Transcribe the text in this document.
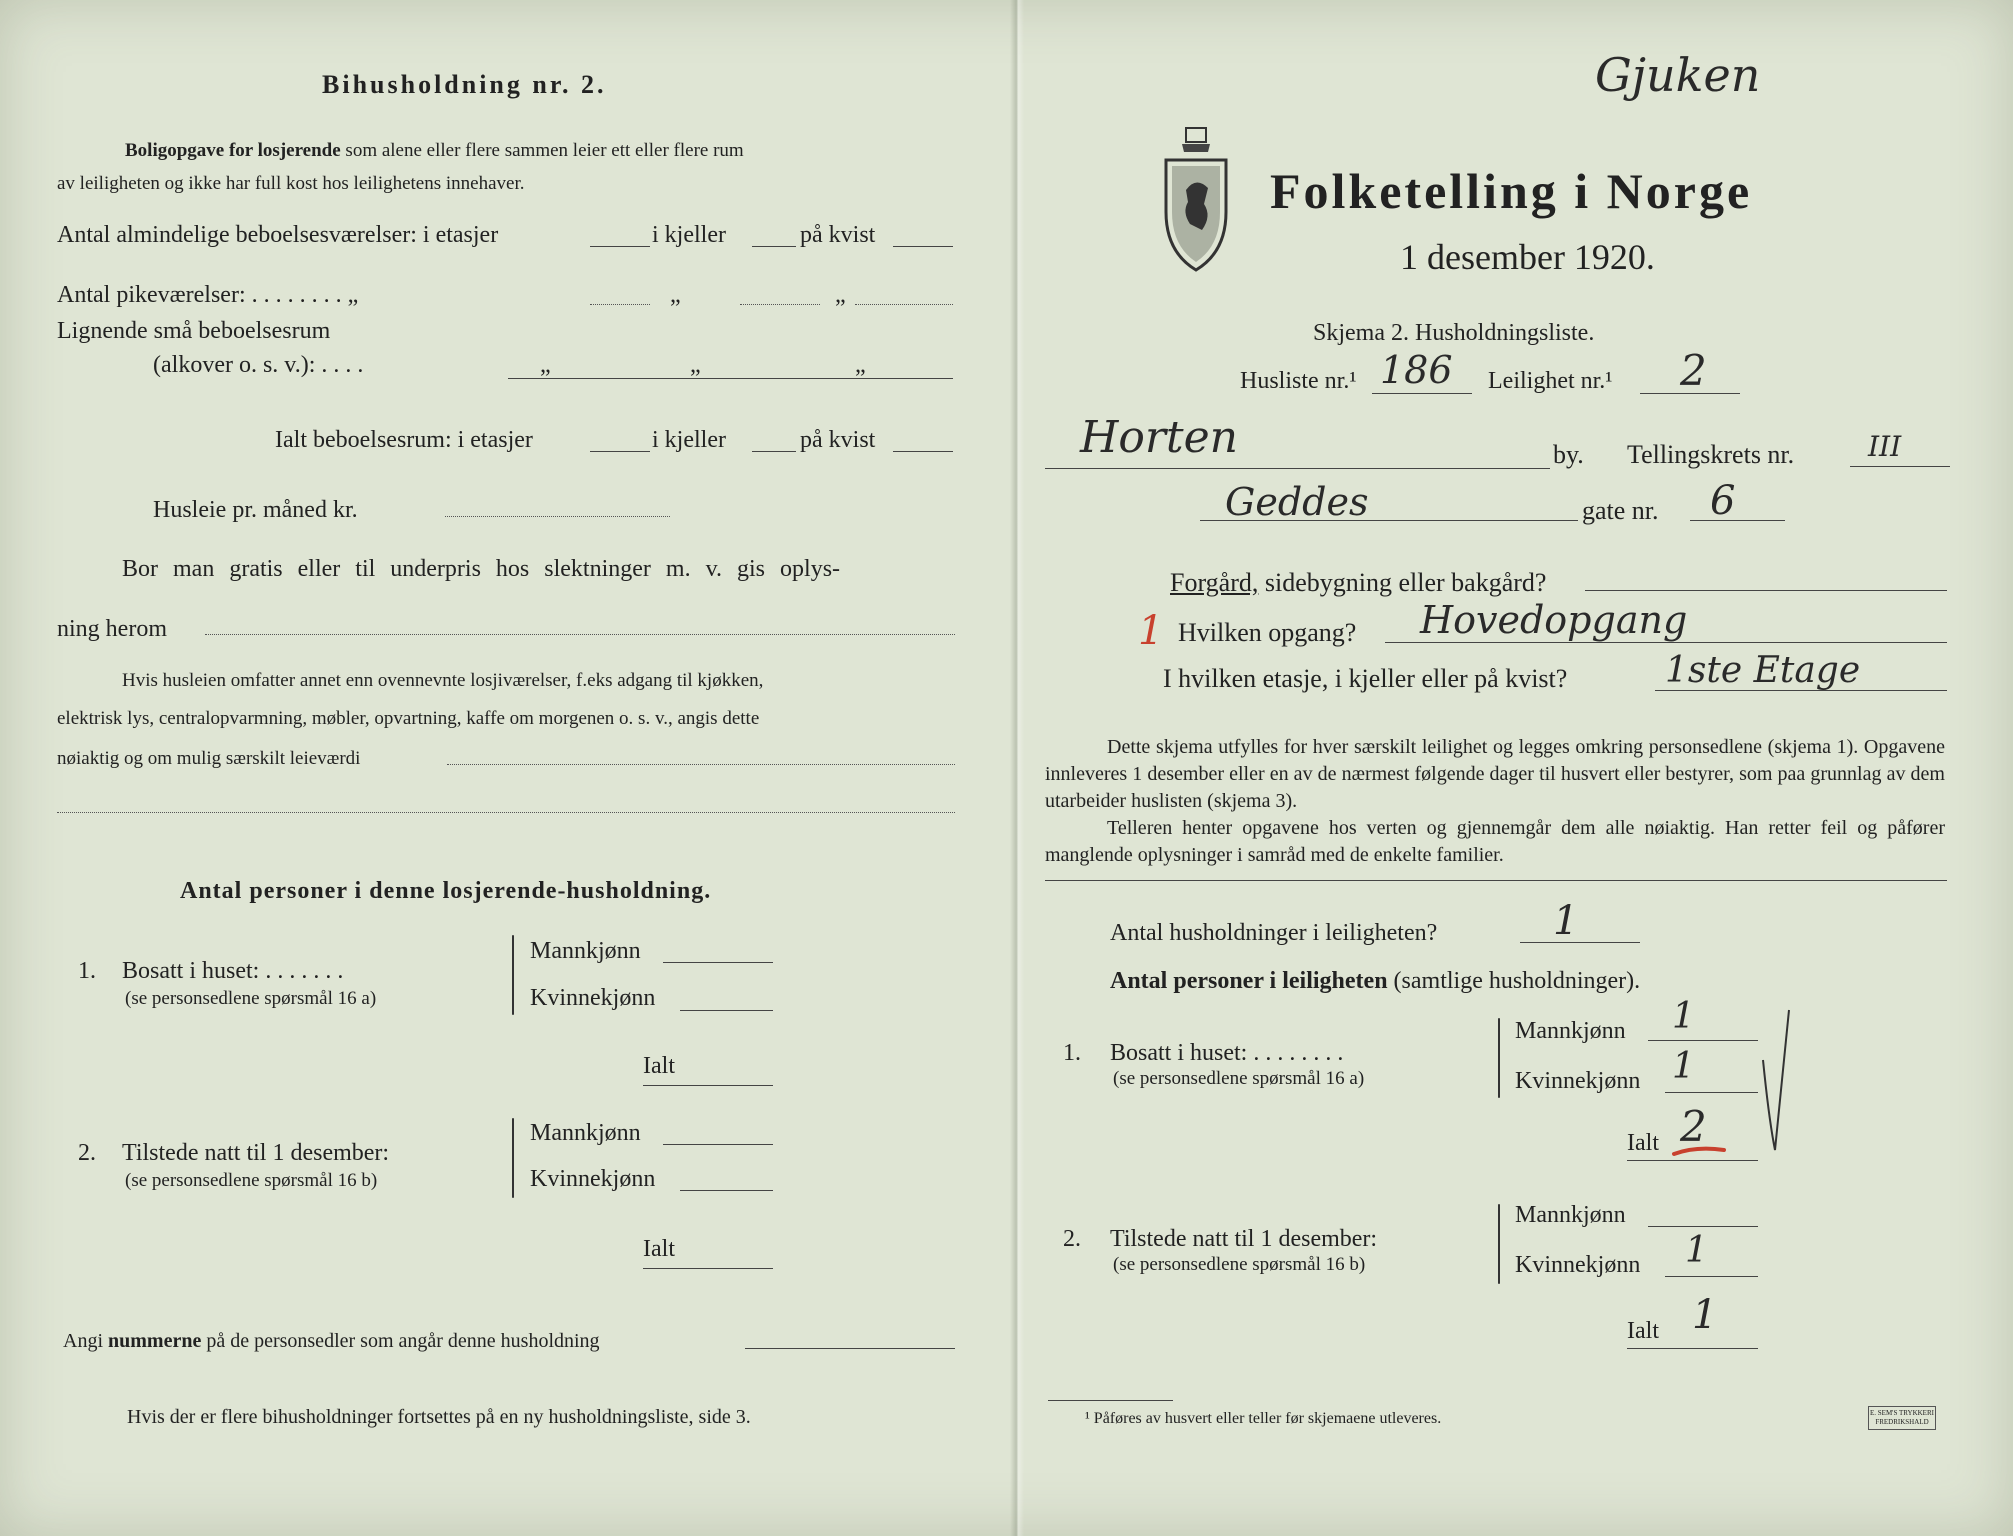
Bihusholdning nr. 2.
Boligopgave for losjerende som alene eller flere sammen leier ett eller flere rum
av leiligheten og ikke har full kost hos leilighetens innehaver.
Antal almindelige beboelsesværelser: i etasjer	i kjeller	på kvist
Antal pikeværelser: . . . . . . . . „	„	„
Lignende små beboelsesrum
(alkover o. s. v.): . . . .	„	„	„
Ialt beboelsesrum: i etasjer	i kjeller	på kvist
Husleie pr. måned kr.
Bor man gratis eller til underpris hos slektninger m. v. gis oplys-
ning herom
Hvis husleien omfatter annet enn ovennevnte losjiværelser, f.eks adgang til kjøkken,
elektrisk lys, centralopvarmning, møbler, opvartning, kaffe om morgenen o. s. v., angis dette
nøiaktig og om mulig særskilt leieværdi
Antal personer i denne losjerende-husholdning.
1. Bosatt i huset: . . . . . . .
(se personsedlene spørsmål 16 a)
Mannkjønn
Kvinnekjønn
Ialt
2. Tilstede natt til 1 desember:
(se personsedlene spørsmål 16 b)
Mannkjønn
Kvinnekjønn
Ialt
Angi nummerne på de personsedler som angår denne husholdning
Hvis der er flere bihusholdninger fortsettes på en ny husholdningsliste, side 3.
Gjuken
Folketelling i Norge
1 desember 1920.
Skjema 2. Husholdningsliste.
Husliste nr.¹ 186 Leilighet nr.¹ 2
Horten	by. Tellingskrets nr.	III
Geddes	gate nr. 6
Forgård, sidebygning eller bakgård?
1 Hvilken opgang? Hovedopgang
I hvilken etasje, i kjeller eller på kvist?	1ste Etage
Dette skjema utfylles for hver særskilt leilighet og legges omkring personsedlene (skjema 1). Opgavene innleveres 1 desember eller en av de nærmest følgende dager til husvert eller bestyrer, som paa grunnlag av dem utarbeider huslisten (skjema 3).
Telleren henter opgavene hos verten og gjennemgår dem alle nøiaktig. Han retter feil og påfører manglende oplysninger i samråd med de enkelte familier.
Antal husholdninger i leiligheten?	1
Antal personer i leiligheten (samtlige husholdninger).
1. Bosatt i huset: . . . . . . . .
(se personsedlene spørsmål 16 a)
Mannkjønn 1
Kvinnekjønn 1
Ialt 2
2. Tilstede natt til 1 desember:
(se personsedlene spørsmål 16 b)
Mannkjønn
Kvinnekjønn 1
Ialt 1
¹ Påføres av husvert eller teller før skjemaene utleveres.	E. SEM'S TRYKKERI
FREDRIKSHALD
